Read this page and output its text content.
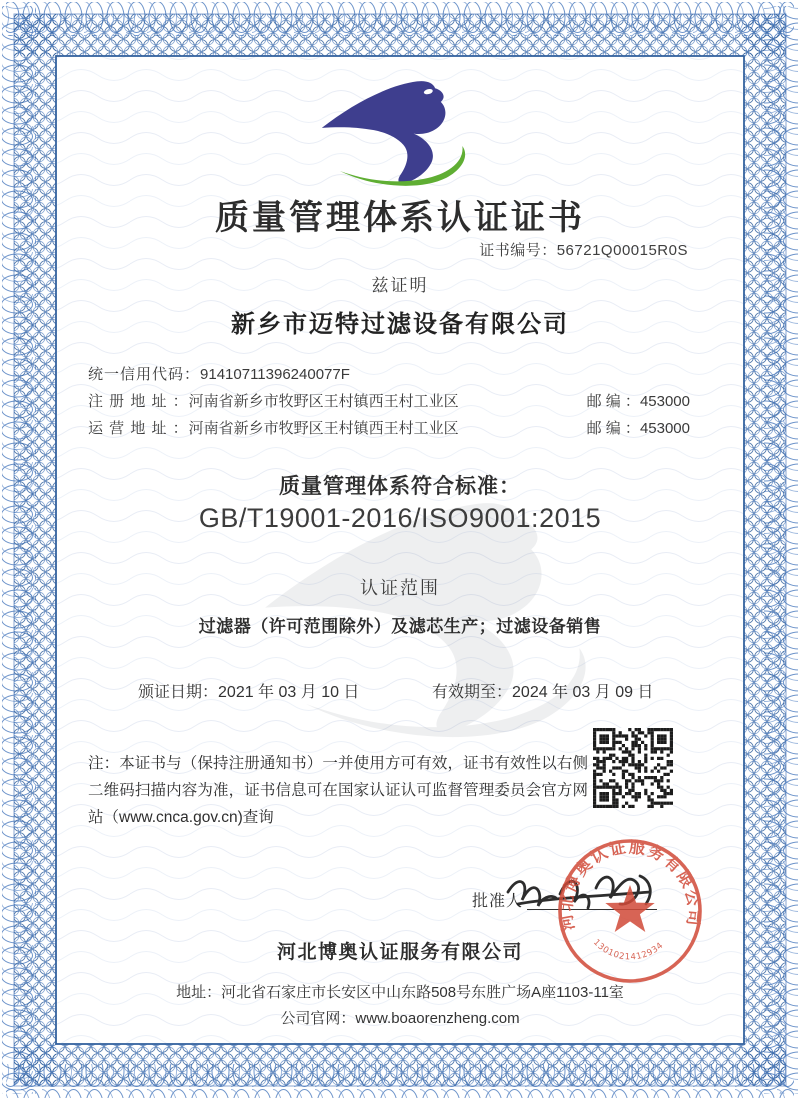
质量管理体系认证证书
证书编号：56721Q00015R0S
兹证明
新乡市迈特过滤设备有限公司
统一信用代码：91410711396240077F
注 册 地 址 ：河南省新乡市牧野区王村镇西王村工业区	邮 编 ：453000
运 营 地 址 ：河南省新乡市牧野区王村镇西王村工业区	邮 编 ：453000
质量管理体系符合标准：
GB/T19001-2016/ISO9001:2015
认证范围
过滤器（许可范围除外）及滤芯生产；过滤设备销售
颁证日期：2021 年 03 月 10 日	有效期至：2024 年 03 月 09 日
注：本证书与（保持注册通知书）一并使用方可有效，证书有效性以右侧二维码扫描内容为准，证书信息可在国家认证认可监督管理委员会官方网站（www.cnca.gov.cn)查询
批准人
河北博奥认证服务有限公司
1301021412934
河北博奥认证服务有限公司
地址：河北省石家庄市长安区中山东路508号东胜广场A座1103-11室
公司官网：www.boaorenzheng.com
